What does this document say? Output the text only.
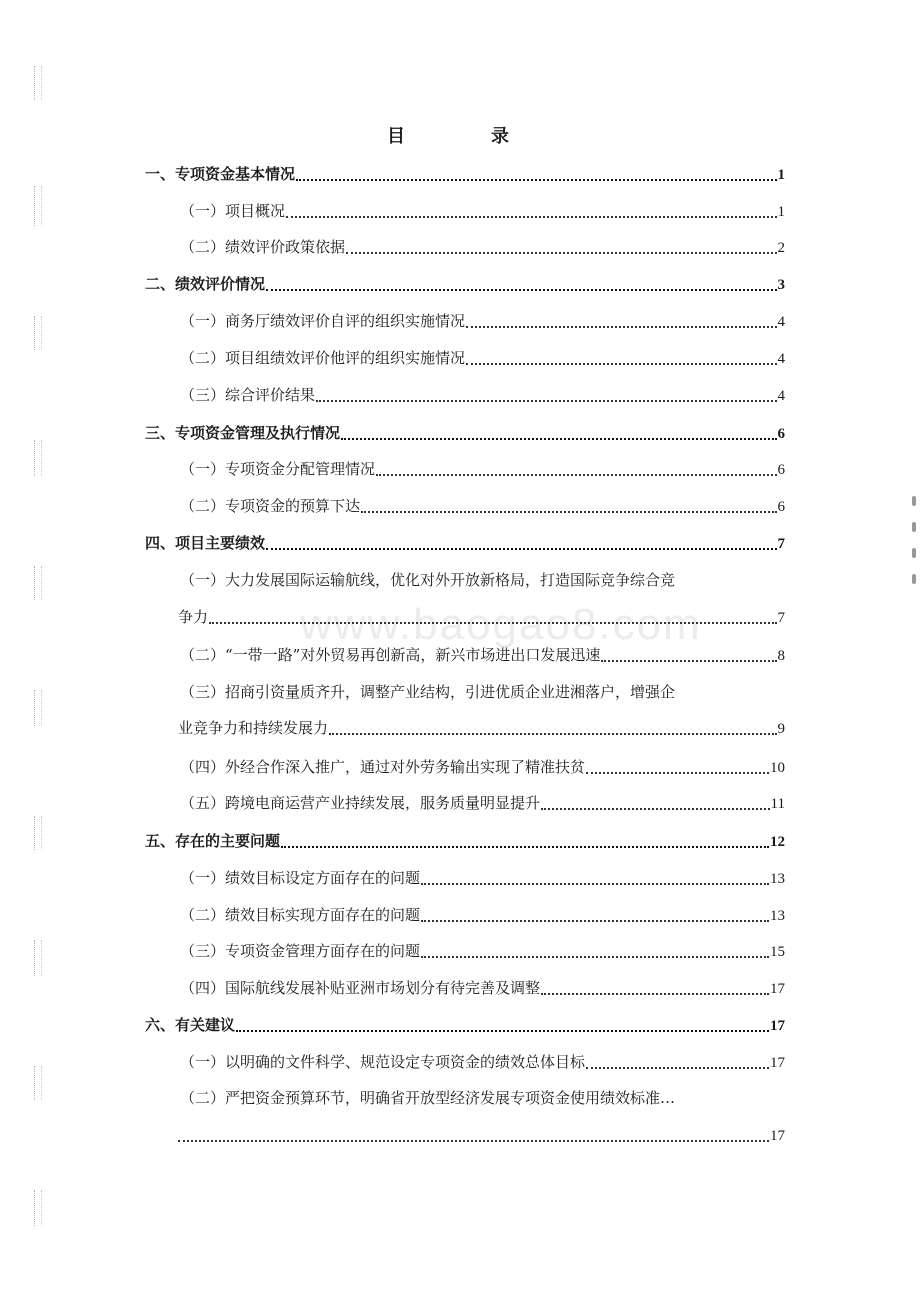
www.baogao8.com
目　录
一、专项资金基本情况	1
（一）项目概况	1
（二）绩效评价政策依据	2
二、绩效评价情况	3
（一）商务厅绩效评价自评的组织实施情况	4
（二）项目组绩效评价他评的组织实施情况	4
（三）综合评价结果	4
三、专项资金管理及执行情况	6
（一）专项资金分配管理情况	6
（二）专项资金的预算下达	6
四、项目主要绩效	7
（一）大力发展国际运输航线，优化对外开放新格局，打造国际竞争综合竞
争力	7
（二）“一带一路”对外贸易再创新高，新兴市场进出口发展迅速	8
（三）招商引资量质齐升，调整产业结构，引进优质企业进湘落户，增强企
业竞争力和持续发展力	9
（四）外经合作深入推广，通过对外劳务输出实现了精准扶贫	10
（五）跨境电商运营产业持续发展，服务质量明显提升	11
五、存在的主要问题	12
（一）绩效目标设定方面存在的问题	13
（二）绩效目标实现方面存在的问题	13
（三）专项资金管理方面存在的问题	15
（四）国际航线发展补贴亚洲市场划分有待完善及调整	17
六、有关建议	17
（一）以明确的文件科学、规范设定专项资金的绩效总体目标	17
（二）严把资金预算环节，明确省开放型经济发展专项资金使用绩效标准…
17
